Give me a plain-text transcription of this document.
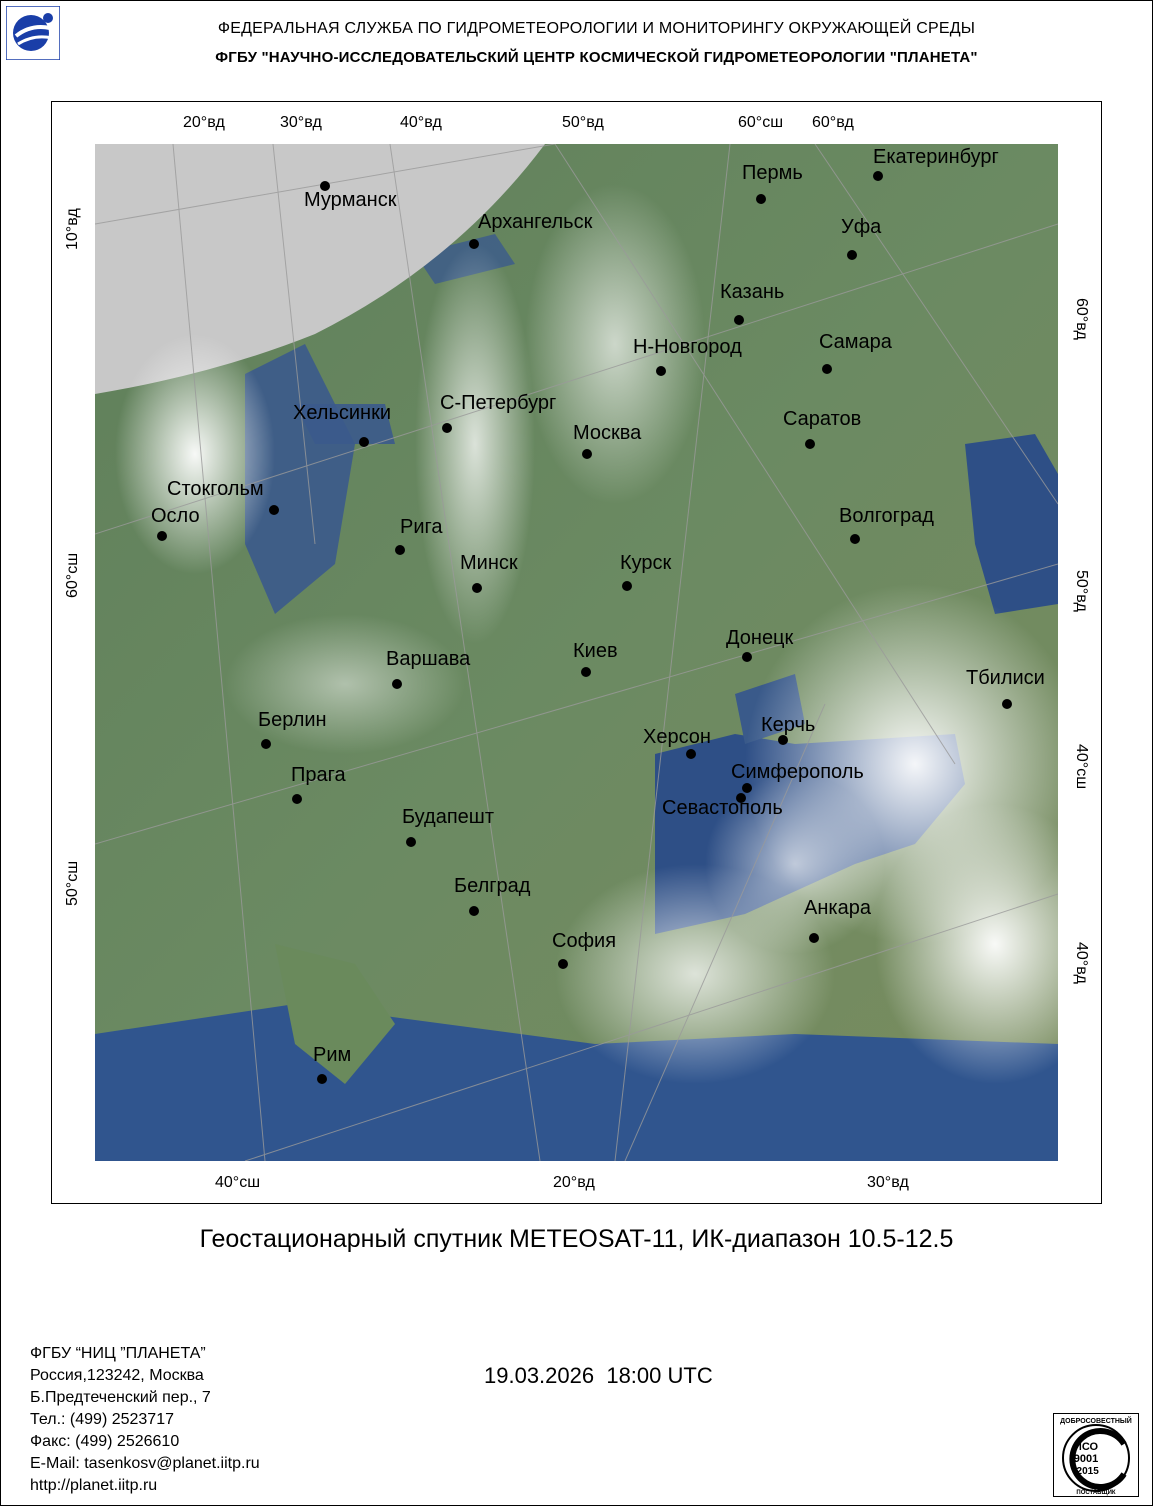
ФЕДЕРАЛЬНАЯ СЛУЖБА ПО ГИДРОМЕТЕОРОЛОГИИ И МОНИТОРИНГУ ОКРУЖАЮЩЕЙ СРЕДЫ
ФГБУ "НАУЧНО-ИССЛЕДОВАТЕЛЬСКИЙ ЦЕНТР КОСМИЧЕСКОЙ ГИДРОМЕТЕОРОЛОГИИ "ПЛАНЕТА"
20°вд	30°вд	40°вд	50°вд	60°сш 60°вд
40°сш	20°вд	30°вд
10°вд
60°сш
50°сш
60°вд
50°вд
40°сш
40°вд
Мурманск
Архангельск
Пермь
Екатеринбург
Уфа
Казань
Н-Новгород	Самара
Хельсинки С-Петербург
Москва
Саратов
Стокгольм
Осло	Рига
Минск	Курск
Волгоград
Варшава	Киев
Донецк
Тбилиси
Берлин
Херсон
Керчь
Прага	Симферополь
Севастополь
Будапешт
Белград
Анкара
София
Рим
Геостационарный спутник METEOSAT-11, ИК-диапазон 10.5-12.5
ФГБУ “НИЦ ”ПЛАНЕТА”
Россия,123242, Москва
Б.Предтеченский пер., 7
Тел.: (499) 2523717
Факс: (499) 2526610
E-Mail: tasenkosv@planet.iitp.ru
http://planet.iitp.ru
19.03.2026  18:00 UTC
ДОБРОСОВЕСТНЫЙ
ИСО
9001
-2015
ПОСТАВЩИК
